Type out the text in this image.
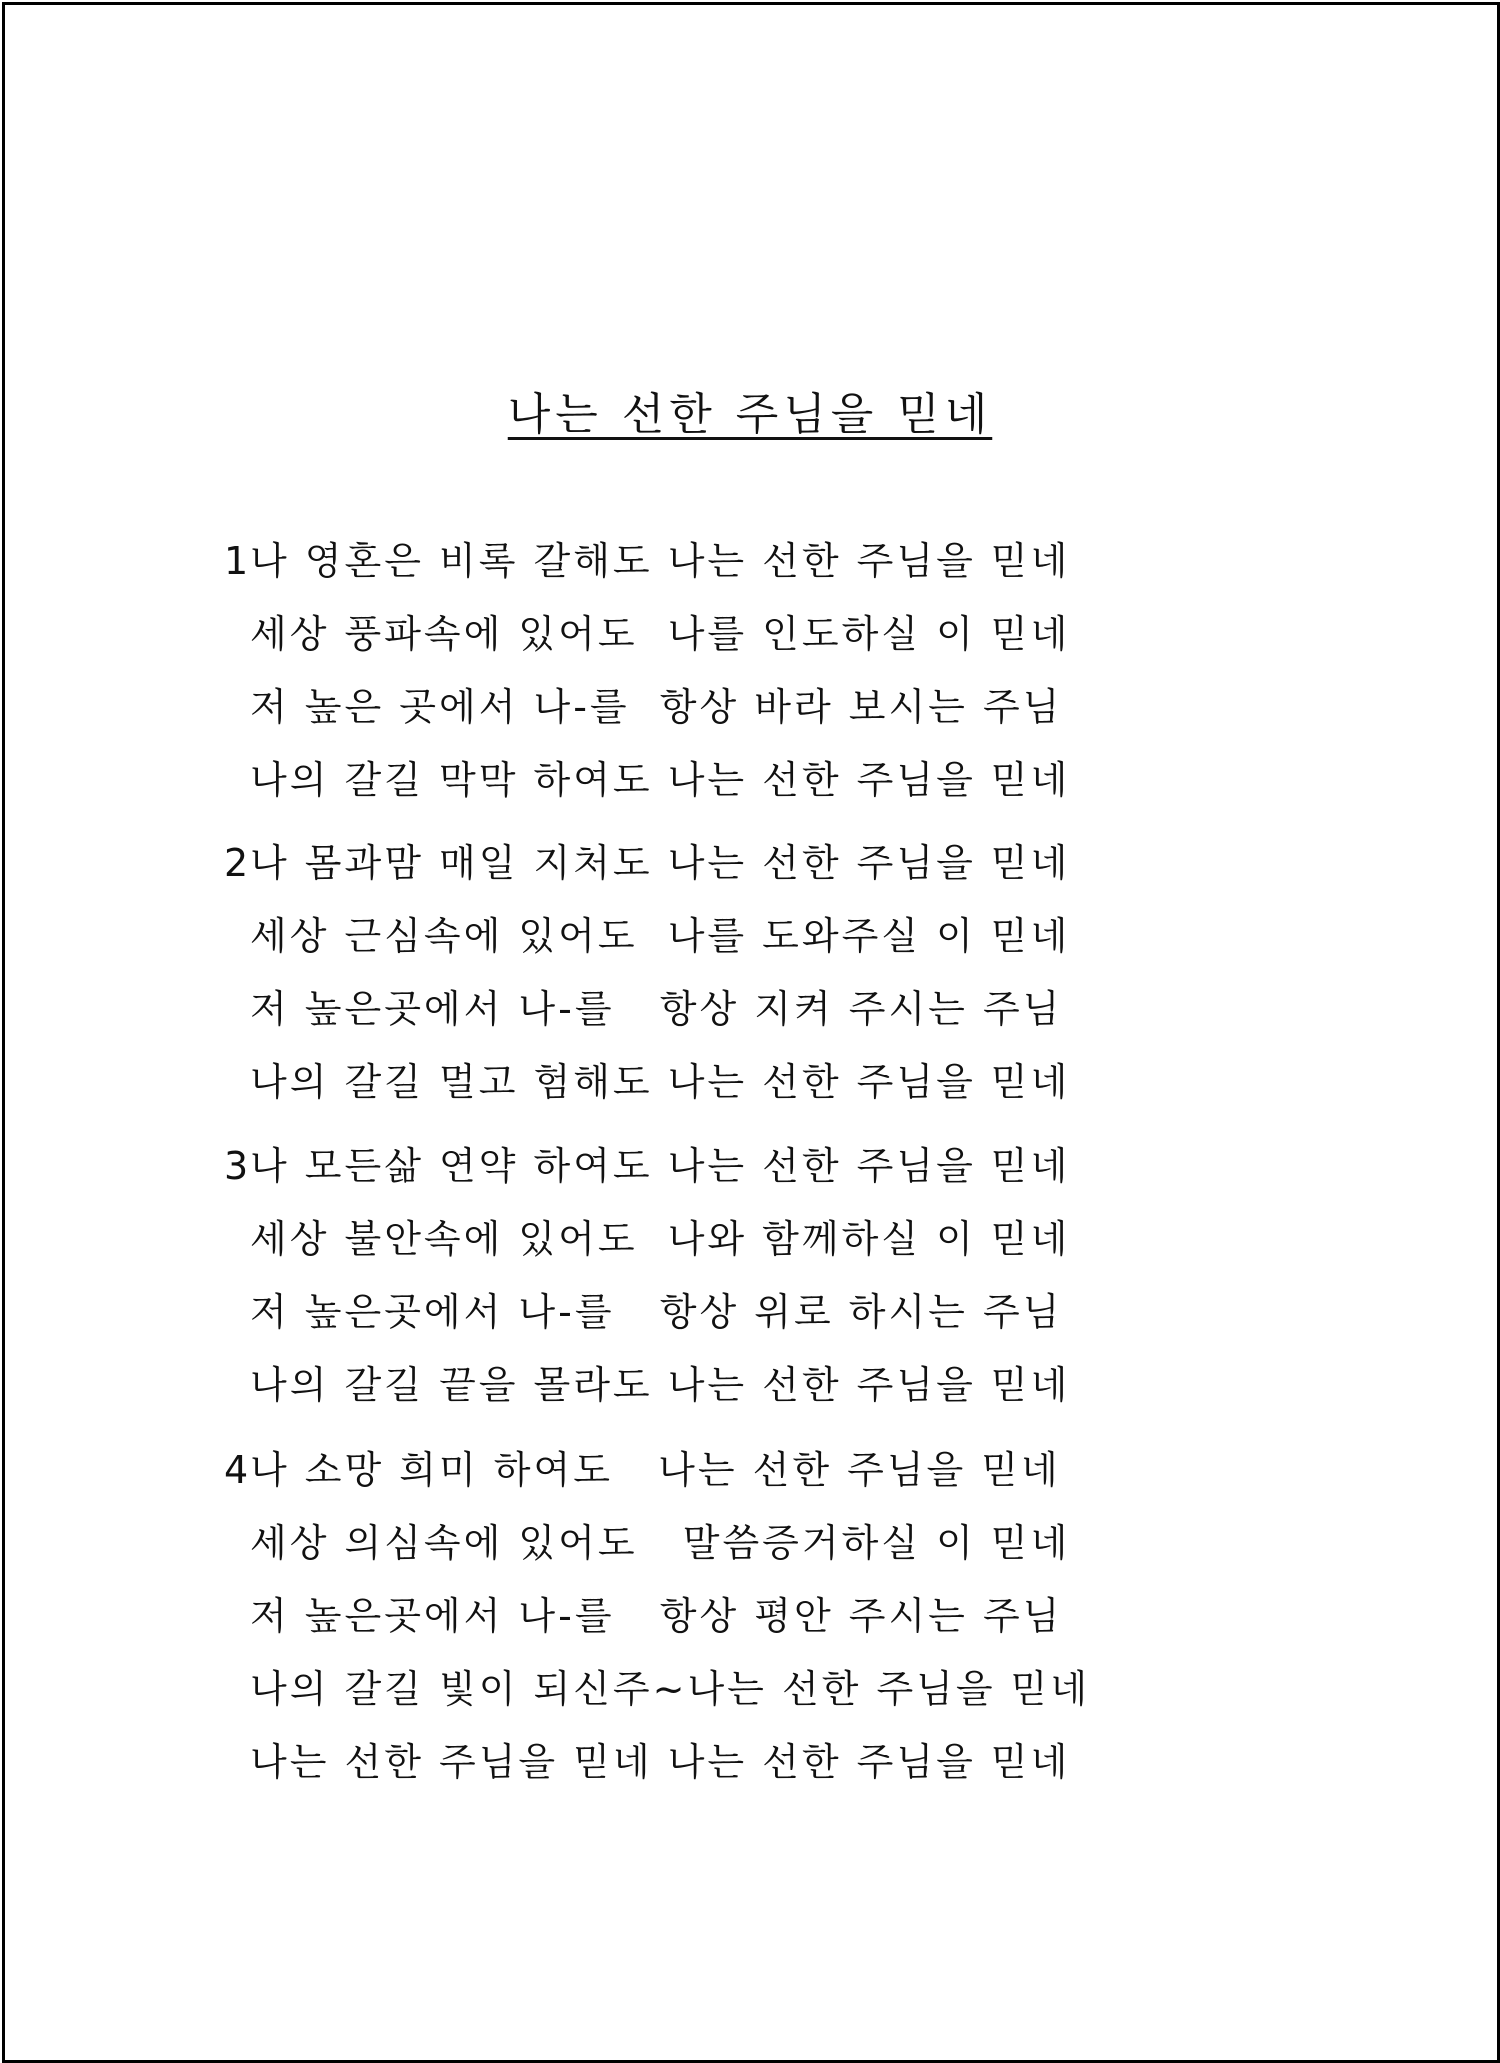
나는 선한 주님을 믿네

1

나 영혼은 비록 갈해도 나는 선한 주님을 믿네

세상 풍파속에 있어도  나를 인도하실 이 믿네

저 높은 곳에서 나-를  항상 바라 보시는 주님

나의 갈길 막막 하여도 나는 선한 주님을 믿네

2

나 몸과맘 매일 지처도 나는 선한 주님을 믿네

세상 근심속에 있어도  나를 도와주실 이 믿네

저 높은곳에서 나-를   항상 지켜 주시는 주님

나의 갈길 멀고 험해도 나는 선한 주님을 믿네

3

나 모든삶 연약 하여도 나는 선한 주님을 믿네

세상 불안속에 있어도  나와 함께하실 이 믿네

저 높은곳에서 나-를   항상 위로 하시는 주님

나의 갈길 끝을 몰라도 나는 선한 주님을 믿네

4

나 소망 희미 하여도   나는 선한 주님을 믿네

세상 의심속에 있어도   말씀증거하실 이 믿네

저 높은곳에서 나-를   항상 평안 주시는 주님

나의 갈길 빛이 되신주~나는 선한 주님을 믿네

나는 선한 주님을 믿네 나는 선한 주님을 믿네
